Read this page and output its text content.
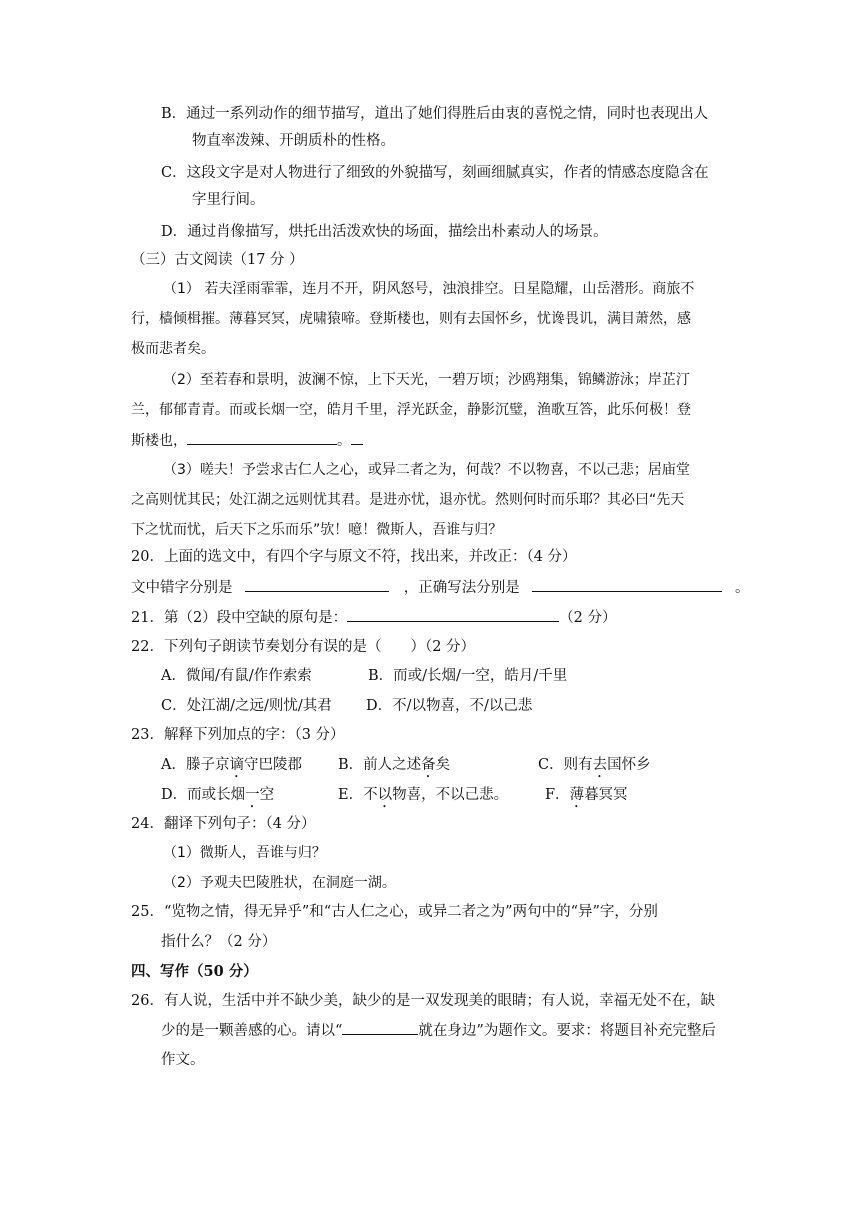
B．通过一系列动作的细节描写，道出了她们得胜后由衷的喜悦之情，同时也表现出人
物直率泼辣、开朗质朴的性格。
C．这段文字是对人物进行了细致的外貌描写，刻画细腻真实，作者的情感态度隐含在
字里行间。
D．通过肖像描写，烘托出活泼欢快的场面，描绘出朴素动人的场景。
（三）古文阅读（17 分 ）
（1） 若夫淫雨霏霏，连月不开，阴风怒号，浊浪排空。日星隐耀，山岳潜形。商旅不
行，樯倾楫摧。薄暮冥冥，虎啸猿啼。登斯楼也，则有去国怀乡，忧谗畏讥，满目萧然，感
极而悲者矣。
（2）至若春和景明，波澜不惊，上下天光，一碧万顷；沙鸥翔集，锦鳞游泳；岸芷汀
兰，郁郁青青。而或长烟一空，皓月千里，浮光跃金，静影沉璧，渔歌互答，此乐何极！登
斯楼也，	。
（3）嗟夫！予尝求古仁人之心，或异二者之为，何哉？不以物喜，不以己悲；居庙堂
之高则忧其民；处江湖之远则忧其君。是进亦忧，退亦忧。然则何时而乐耶？其必曰“先天
下之忧而忧，后天下之乐而乐”欤！噫！微斯人，吾谁与归？
20．上面的选文中，有四个字与原文不符，找出来，并改正：（4 分）
文中错字分别是	，正确写法分别是	。
21．第（2）段中空缺的原句是：	（2 分）
22．下列句子朗读节奏划分有误的是（　　）（2 分）
A．微闻/有鼠/作作索索	B．而或/长烟/一空，皓月/千里
C．处江湖/之远/则忧/其君 D．不/以物喜，不/以己悲
23．解释下列加点的字：（3 分）
A．滕子京谪守巴陵郡 B．前人之述备矣	C．则有去国怀乡
D．而或长烟一空	E．不以物喜，不以己悲。	F．薄暮冥冥
24．翻译下列句子：（4 分）
（1）微斯人，吾谁与归？
（2）予观夫巴陵胜状，在洞庭一湖。
25．“览物之情，得无异乎”和“古人仁之心，或异二者之为”两句中的“异”字，分别
指什么？（2 分）
四、写作（50 分）
26．有人说，生活中并不缺少美，缺少的是一双发现美的眼睛；有人说，幸福无处不在，缺
少的是一颗善感的心。请以“	就在身边”为题作文。要求：将题目补充完整后
作文。
